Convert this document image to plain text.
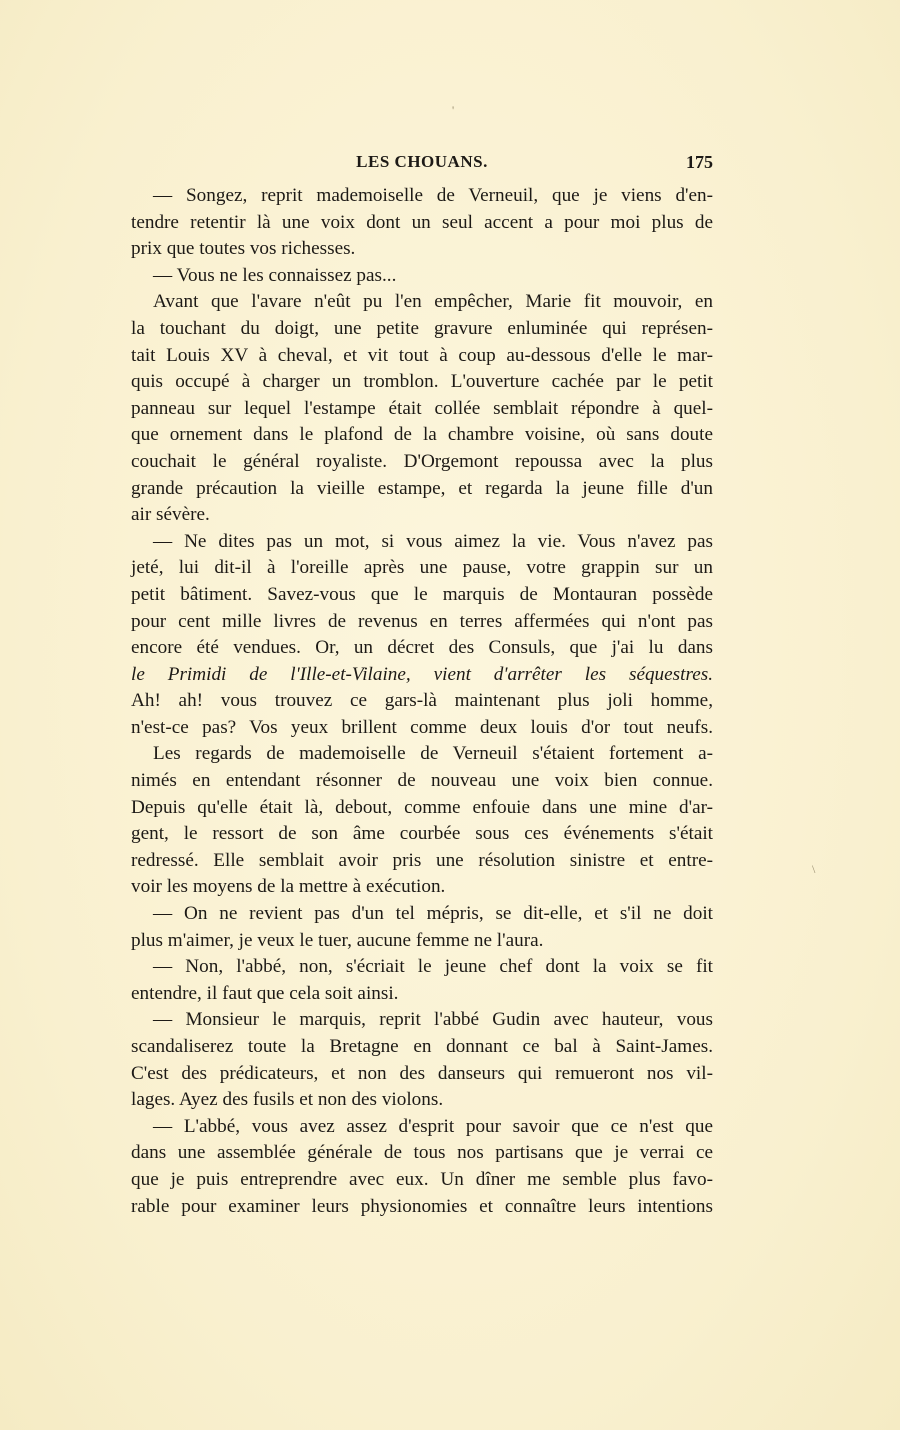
'
\
LES CHOUANS.	175
— Songez, reprit mademoiselle de Verneuil, que je viens d'en-
tendre retentir là une voix dont un seul accent a pour moi plus de
prix que toutes vos richesses.
— Vous ne les connaissez pas...
Avant que l'avare n'eût pu l'en empêcher, Marie fit mouvoir, en
la touchant du doigt, une petite gravure enluminée qui représen-
tait Louis XV à cheval, et vit tout à coup au-dessous d'elle le mar-
quis occupé à charger un tromblon. L'ouverture cachée par le petit
panneau sur lequel l'estampe était collée semblait répondre à quel-
que ornement dans le plafond de la chambre voisine, où sans doute
couchait le général royaliste. D'Orgemont repoussa avec la plus
grande précaution la vieille estampe, et regarda la jeune fille d'un
air sévère.
— Ne dites pas un mot, si vous aimez la vie. Vous n'avez pas
jeté, lui dit-il à l'oreille après une pause, votre grappin sur un
petit bâtiment. Savez-vous que le marquis de Montauran possède
pour cent mille livres de revenus en terres affermées qui n'ont pas
encore été vendues. Or, un décret des Consuls, que j'ai lu dans
le Primidi de l'Ille-et-Vilaine, vient d'arrêter les séquestres.
Ah! ah! vous trouvez ce gars-là maintenant plus joli homme,
n'est-ce pas? Vos yeux brillent comme deux louis d'or tout neufs.
Les regards de mademoiselle de Verneuil s'étaient fortement a-
nimés en entendant résonner de nouveau une voix bien connue.
Depuis qu'elle était là, debout, comme enfouie dans une mine d'ar-
gent, le ressort de son âme courbée sous ces événements s'était
redressé. Elle semblait avoir pris une résolution sinistre et entre-
voir les moyens de la mettre à exécution.
— On ne revient pas d'un tel mépris, se dit-elle, et s'il ne doit
plus m'aimer, je veux le tuer, aucune femme ne l'aura.
— Non, l'abbé, non, s'écriait le jeune chef dont la voix se fit
entendre, il faut que cela soit ainsi.
— Monsieur le marquis, reprit l'abbé Gudin avec hauteur, vous
scandaliserez toute la Bretagne en donnant ce bal à Saint-James.
C'est des prédicateurs, et non des danseurs qui remueront nos vil-
lages. Ayez des fusils et non des violons.
— L'abbé, vous avez assez d'esprit pour savoir que ce n'est que
dans une assemblée générale de tous nos partisans que je verrai ce
que je puis entreprendre avec eux. Un dîner me semble plus favo-
rable pour examiner leurs physionomies et connaître leurs intentions
